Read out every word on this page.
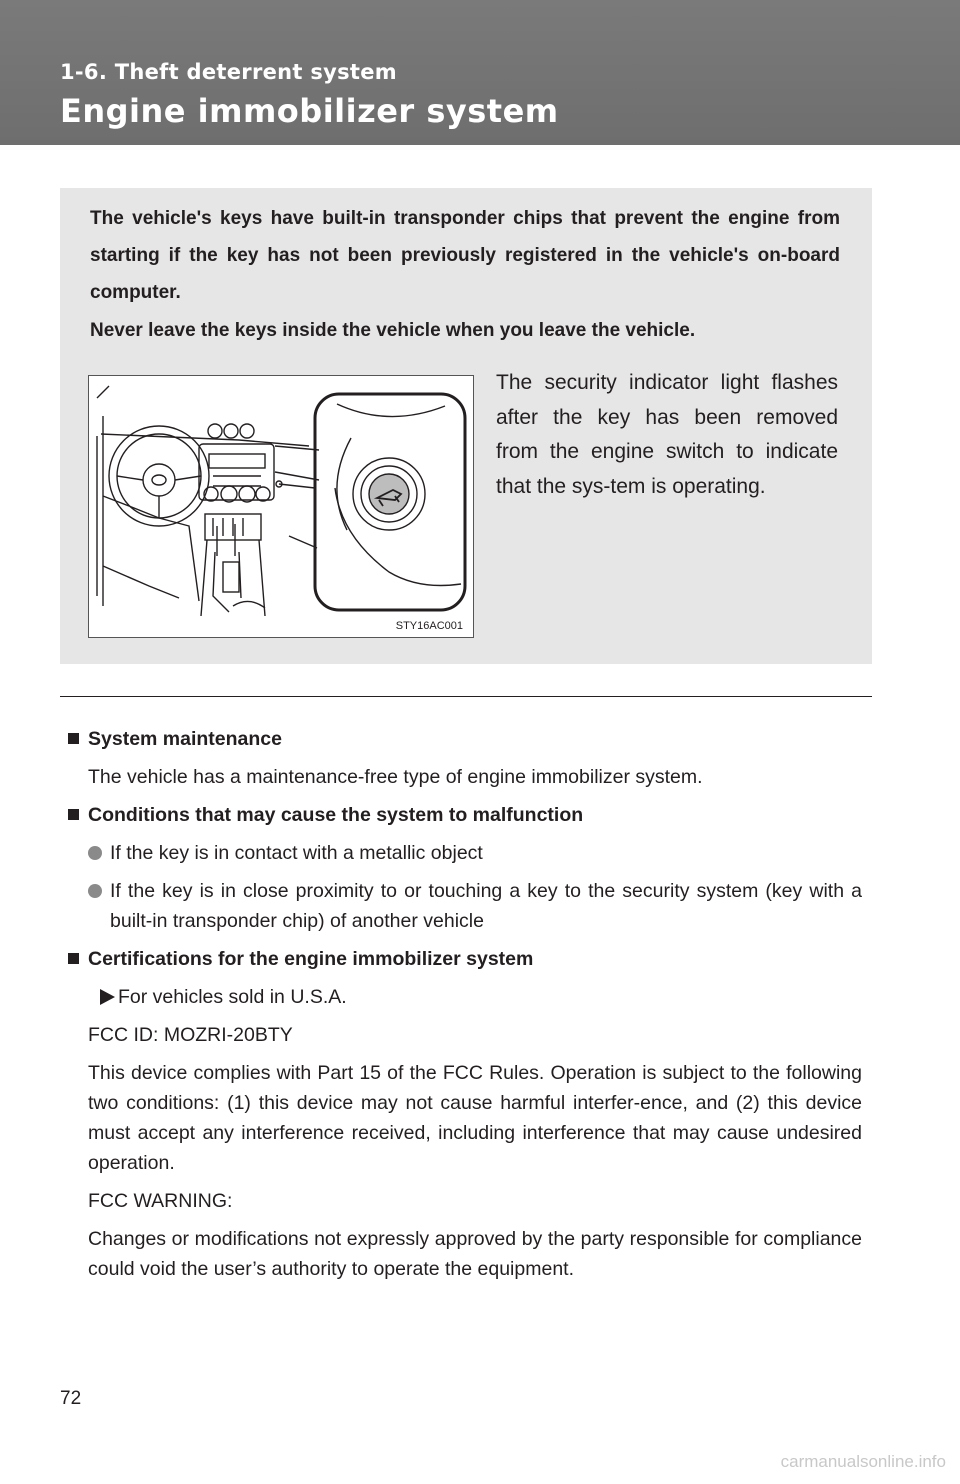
1-6. Theft deterrent system
Engine immobilizer system

The vehicle's keys have built-in transponder chips that prevent the engine from starting if the key has not been previously registered in the vehicle's on-board computer.

Never leave the keys inside the vehicle when you leave the vehicle.

STY16AC001

The security indicator light flashes after the key has been removed from the engine switch to indicate that the sys-tem is operating.

System maintenance

The vehicle has a maintenance-free type of engine immobilizer system.

Conditions that may cause the system to malfunction
If the key is in contact with a metallic object
If the key is in close proximity to or touching a key to the security system (key with a built-in transponder chip) of another vehicle
Certifications for the engine immobilizer system
For vehicles sold in U.S.A.

FCC ID: MOZRI-20BTY

This device complies with Part 15 of the FCC Rules. Operation is subject to the following two conditions: (1) this device may not cause harmful interfer-ence, and (2) this device must accept any interference received, including interference that may cause undesired operation.

FCC WARNING:

Changes or modifications not expressly approved by the party responsible for compliance could void the user’s authority to operate the equipment.

72
carmanualsonline.info
